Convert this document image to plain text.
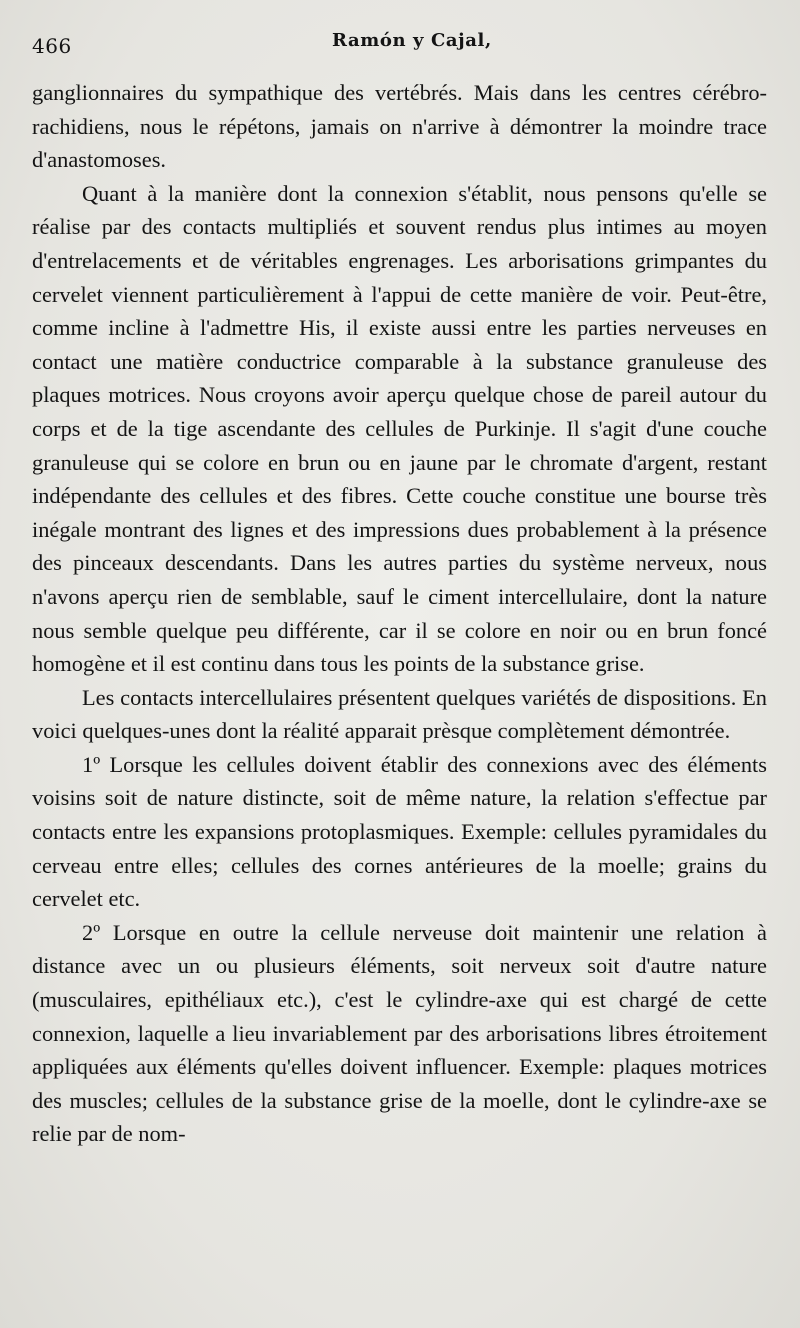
466	Ramón y Cajal,

ganglionnaires du sympathique des vertébrés. Mais dans les centres cérébro-rachidiens, nous le répétons, jamais on n'arrive à démontrer la moindre trace d'anastomoses.

Quant à la manière dont la connexion s'établit, nous pensons qu'elle se réalise par des contacts multipliés et souvent rendus plus intimes au moyen d'entrelacements et de véritables engrenages. Les arborisations grimpantes du cervelet viennent particulièrement à l'appui de cette manière de voir. Peut-être, comme incline à l'admettre His, il existe aussi entre les parties nerveuses en contact une matière conductrice comparable à la substance granuleuse des plaques motrices. Nous croyons avoir aperçu quelque chose de pareil autour du corps et de la tige ascendante des cellules de Purkinje. Il s'agit d'une couche granuleuse qui se colore en brun ou en jaune par le chromate d'argent, restant indépendante des cellules et des fibres. Cette couche constitue une bourse très inégale montrant des lignes et des impressions dues probablement à la présence des pinceaux descendants. Dans les autres parties du système nerveux, nous n'avons aperçu rien de semblable, sauf le ciment intercellulaire, dont la nature nous semble quelque peu différente, car il se colore en noir ou en brun foncé homogène et il est continu dans tous les points de la substance grise.

Les contacts intercellulaires présentent quelques variétés de dispositions. En voici quelques-unes dont la réalité apparait prèsque complètement démontrée.

1º Lorsque les cellules doivent établir des connexions avec des éléments voisins soit de nature distincte, soit de même nature, la relation s'effectue par contacts entre les expansions protoplasmiques. Exemple: cellules pyramidales du cerveau entre elles; cellules des cornes antérieures de la moelle; grains du cervelet etc.

2º Lorsque en outre la cellule nerveuse doit maintenir une relation à distance avec un ou plusieurs éléments, soit nerveux soit d'autre nature (musculaires, epithéliaux etc.), c'est le cylindre-axe qui est chargé de cette connexion, laquelle a lieu invariablement par des arborisations libres étroitement appliquées aux éléments qu'elles doivent influencer. Exemple: plaques motrices des muscles; cellules de la substance grise de la moelle, dont le cylindre-axe se relie par de nom-
